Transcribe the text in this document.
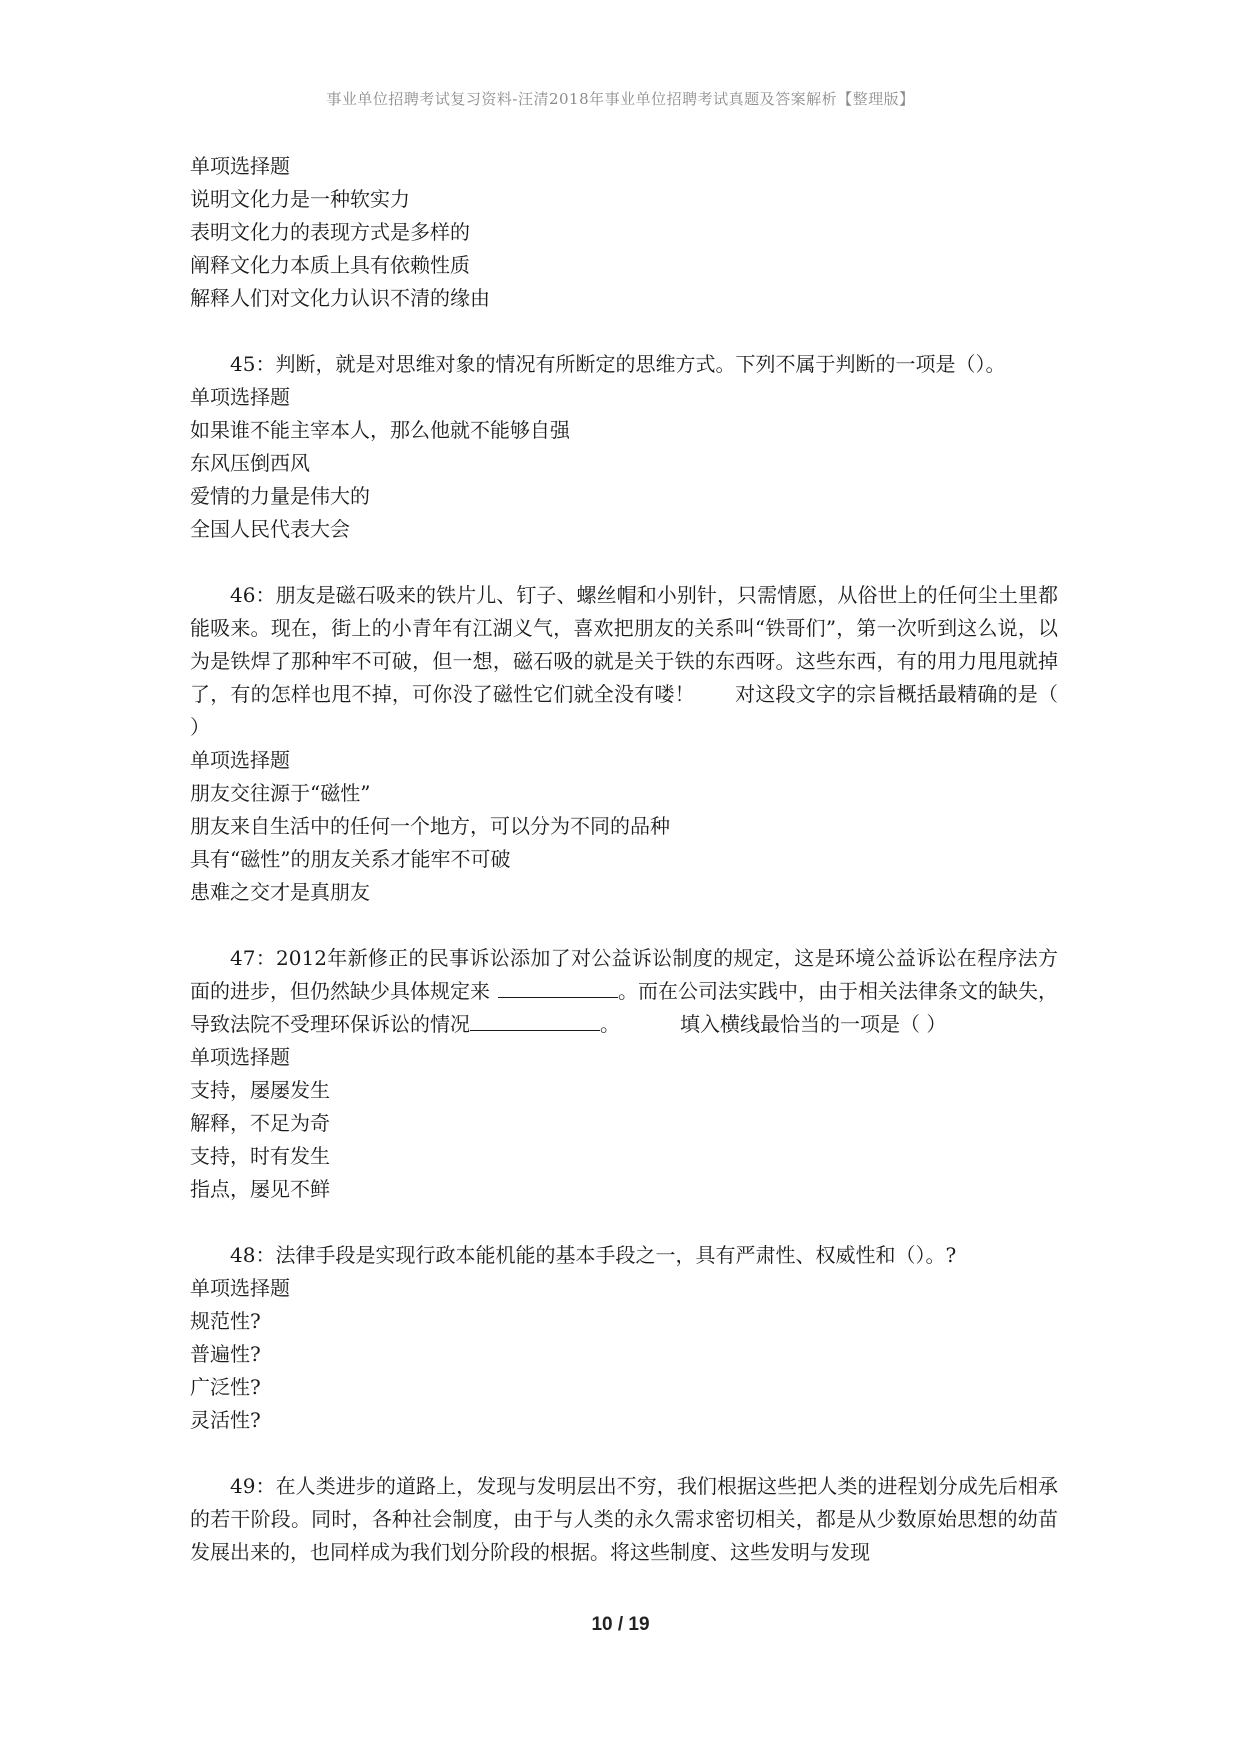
事业单位招聘考试复习资料-汪清2018年事业单位招聘考试真题及答案解析【整理版】
单项选择题
说明文化力是一种软实力
表明文化力的表现方式是多样的
阐释文化力本质上具有依赖性质
解释人们对文化力认识不清的缘由
45：判断，就是对思维对象的情况有所断定的思维方式。下列不属于判断的一项是（）。
单项选择题
如果谁不能主宰本人，那么他就不能够自强
东风压倒西风
爱情的力量是伟大的
全国人民代表大会
46：朋友是磁石吸来的铁片儿、钉子、螺丝帽和小别针，只需情愿，从俗世上的任何尘土里都能吸来。现在，街上的小青年有江湖义气，喜欢把朋友的关系叫“铁哥们”，第一次听到这么说，以为是铁焊了那种牢不可破，但一想，磁石吸的就是关于铁的东西呀。这些东西，有的用力甩甩就掉了，有的怎样也甩不掉，可你没了磁性它们就全没有喽！　　对这段文字的宗旨概括最精确的是（ ）
单项选择题
朋友交往源于“磁性”
朋友来自生活中的任何一个地方，可以分为不同的品种
具有“磁性”的朋友关系才能牢不可破
患难之交才是真朋友
47：2012年新修正的民事诉讼添加了对公益诉讼制度的规定，这是环境公益诉讼在程序法方面的进步，但仍然缺少具体规定来	。而在公司法实践中，由于相关法律条文的缺失，导致法院不受理环保诉讼的情况	。	填入横线最恰当的一项是（ ）
单项选择题
支持，屡屡发生
解释，不足为奇
支持，时有发生
指点，屡见不鲜
48：法律手段是实现行政本能机能的基本手段之一，具有严肃性、权威性和（）。?
单项选择题
规范性?
普遍性?
广泛性?
灵活性?
49：在人类进步的道路上，发现与发明层出不穷，我们根据这些把人类的进程划分成先后相承的若干阶段。同时，各种社会制度，由于与人类的永久需求密切相关，都是从少数原始思想的幼苗发展出来的，也同样成为我们划分阶段的根据。将这些制度、这些发明与发现
10 / 19
